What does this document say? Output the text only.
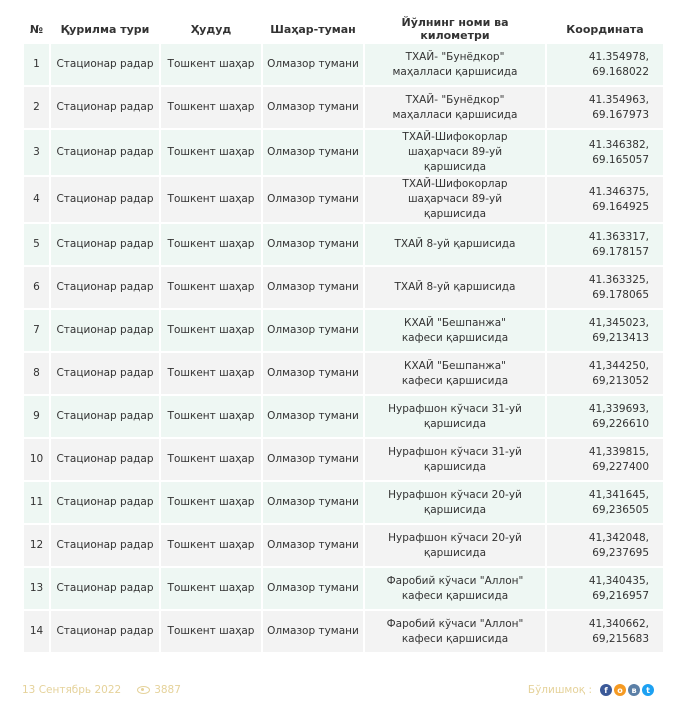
№	Қурилма тури	Ҳудуд	Шаҳар-туман	Йўлнинг номи ва километри	Координата
1	Стационар радар	Тошкент шаҳар	Олмазор тумани	ТХАЙ- "Бунёдкор" маҳалласи қаршисида	41.354978, 69.168022
2	Стационар радар	Тошкент шаҳар	Олмазор тумани	ТХАЙ- "Бунёдкор" маҳалласи қаршисида	41.354963, 69.167973
3	Стационар радар	Тошкент шаҳар	Олмазор тумани	ТХАЙ-Шифокорлар шаҳарчаси 89-уй қаршисида	41.346382, 69.165057
4	Стационар радар	Тошкент шаҳар	Олмазор тумани	ТХАЙ-Шифокорлар шаҳарчаси 89-уй қаршисида	41.346375, 69.164925
5	Стационар радар	Тошкент шаҳар	Олмазор тумани	ТХАЙ 8-уй қаршисида	41.363317, 69.178157
6	Стационар радар	Тошкент шаҳар	Олмазор тумани	ТХАЙ 8-уй қаршисида	41.363325, 69.178065
7	Стационар радар	Тошкент шаҳар	Олмазор тумани	КХАЙ "Бешпанжа" кафеси қаршисида	41,345023, 69,213413
8	Стационар радар	Тошкент шаҳар	Олмазор тумани	КХАЙ "Бешпанжа" кафеси қаршисида	41,344250, 69,213052
9	Стационар радар	Тошкент шаҳар	Олмазор тумани	Нурафшон кўчаси 31-уй қаршисида	41,339693, 69,226610
10	Стационар радар	Тошкент шаҳар	Олмазор тумани	Нурафшон кўчаси 31-уй қаршисида	41,339815, 69,227400
11	Стационар радар	Тошкент шаҳар	Олмазор тумани	Нурафшон кўчаси 20-уй қаршисида	41,341645, 69,236505
12	Стационар радар	Тошкент шаҳар	Олмазор тумани	Нурафшон кўчаси 20-уй қаршисида	41,342048, 69,237695
13	Стационар радар	Тошкент шаҳар	Олмазор тумани	Фаробий кўчаси "Аллон" кафеси қаршисида	41,340435, 69,216957
14	Стационар радар	Тошкент шаҳар	Олмазор тумани	Фаробий кўчаси "Аллон" кафеси қаршисида	41,340662, 69,215683
13 Сентябрь 2022	3887	Бўлишмоқ :	f	о	в	t
